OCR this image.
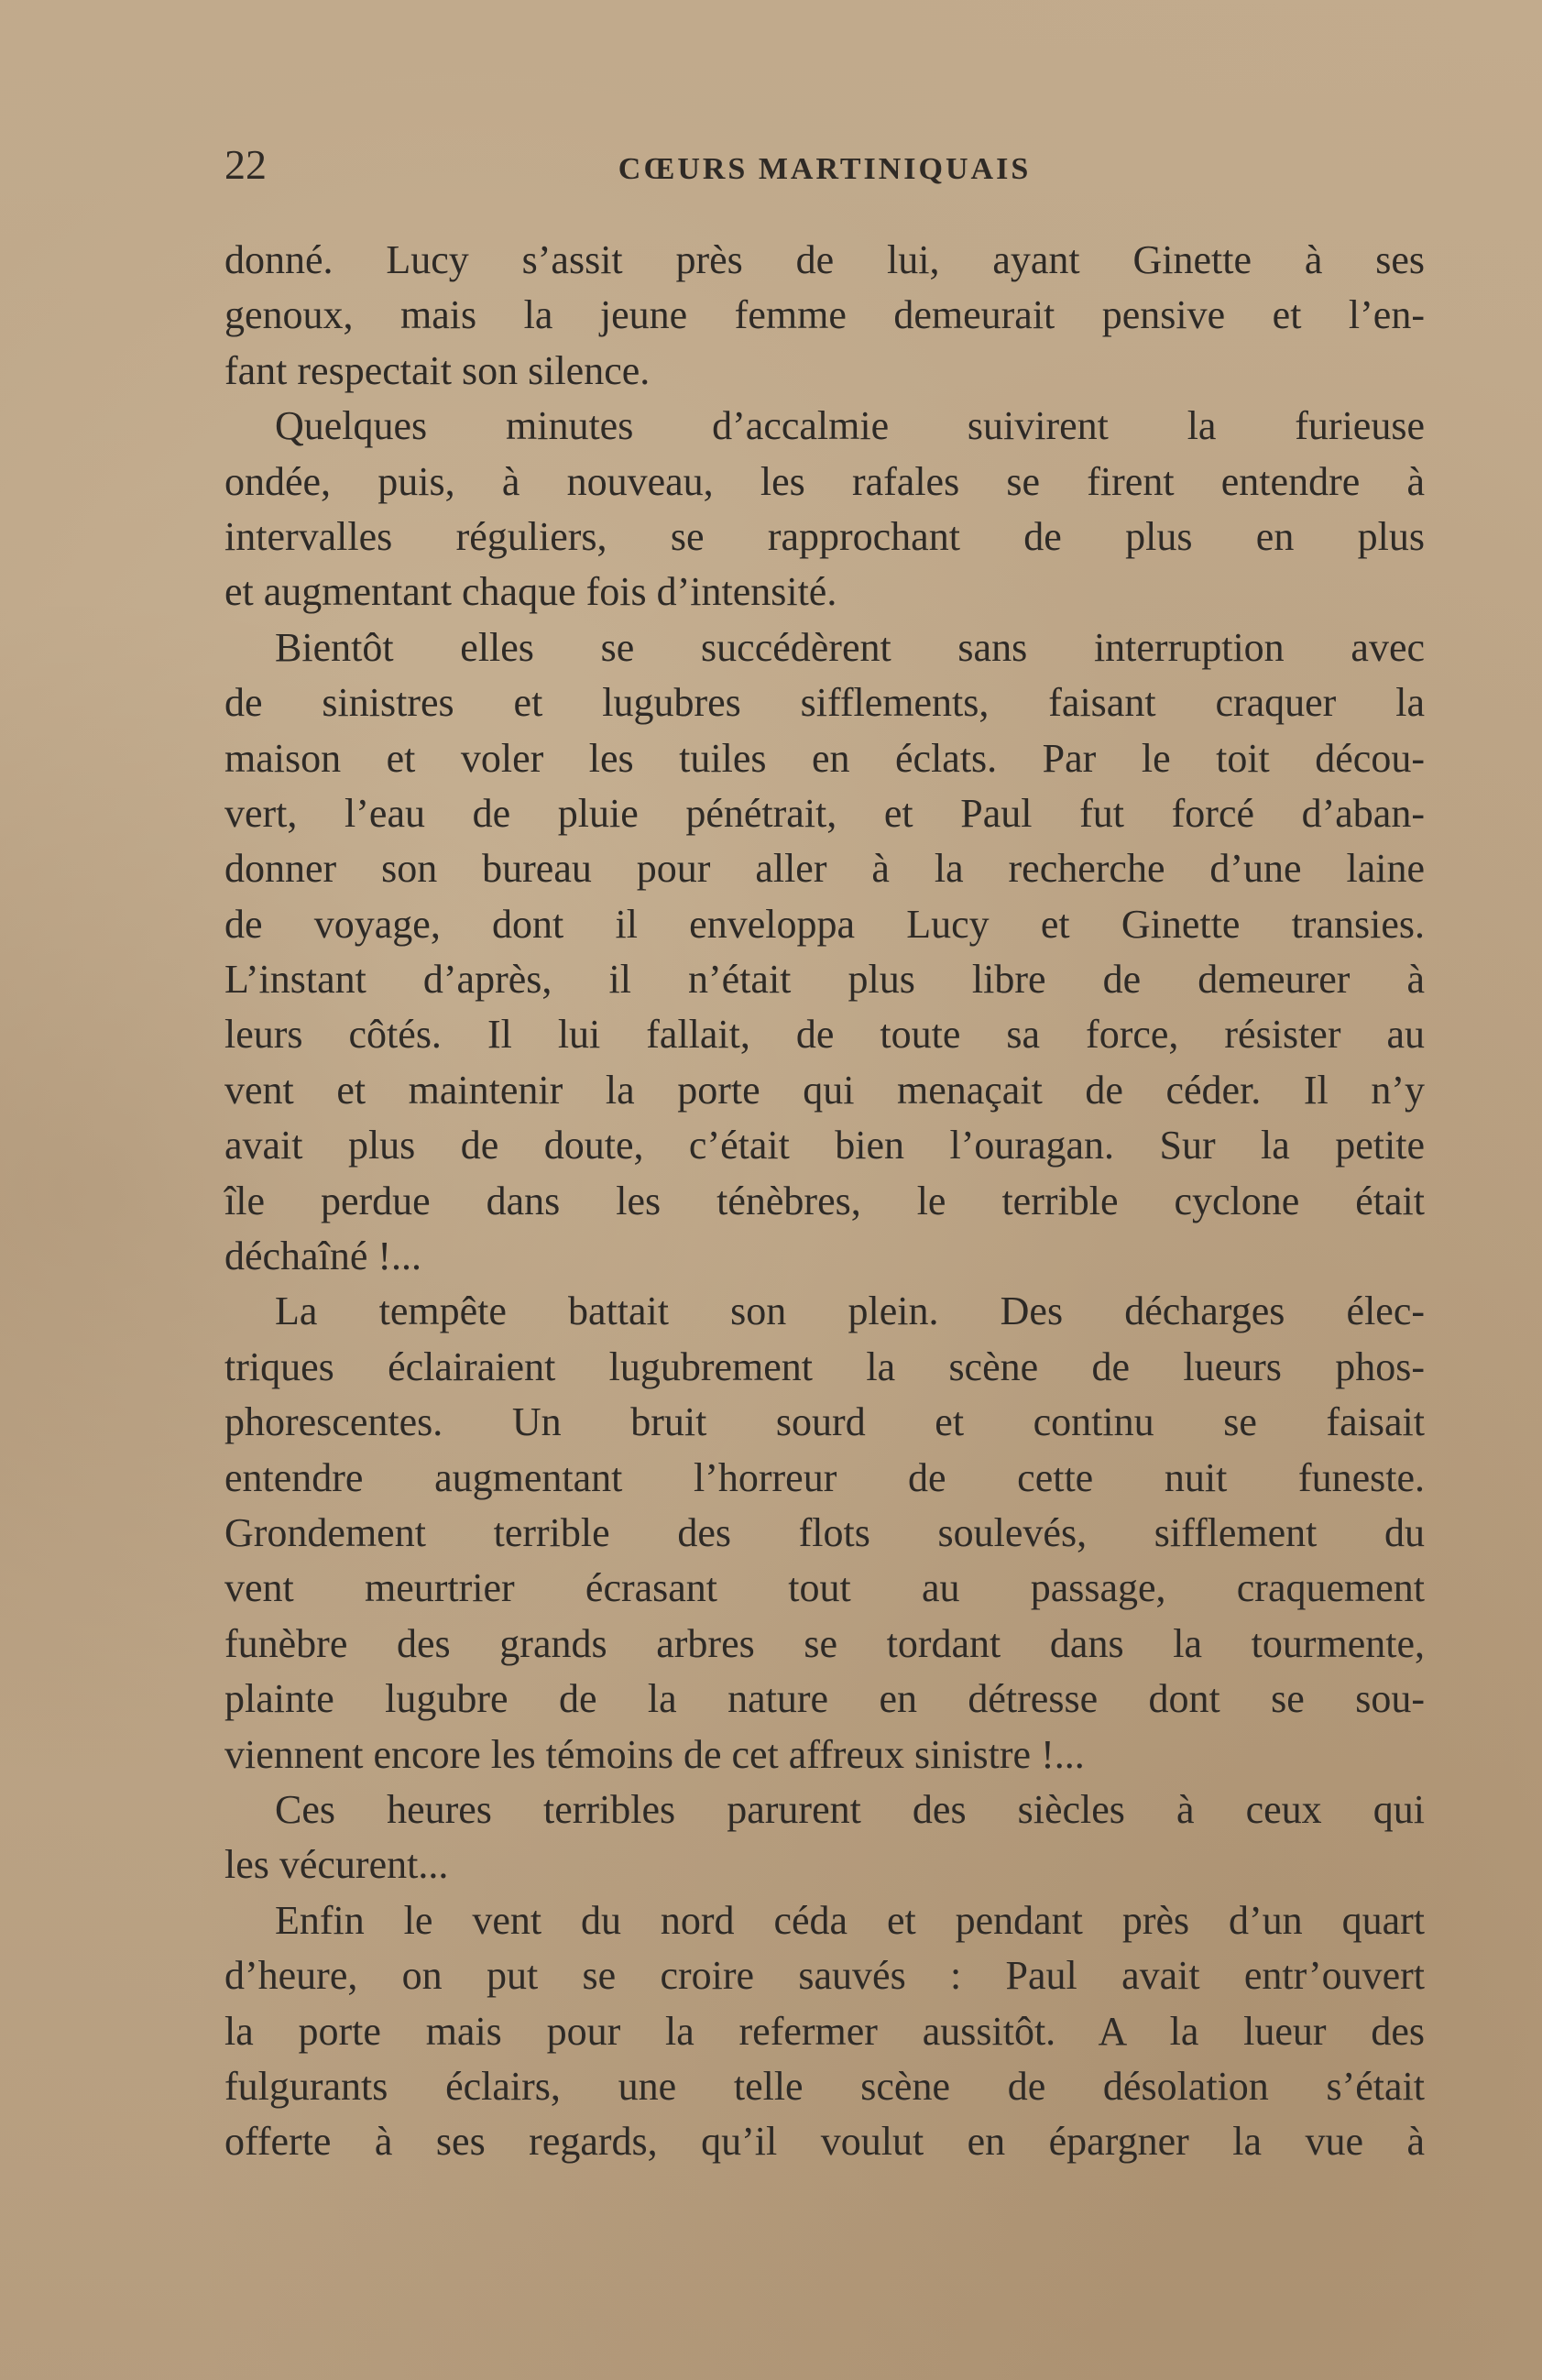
22	CŒURS MARTINIQUAIS
donné. Lucy s’assit près de lui, ayant Ginette à ses
genoux, mais la jeune femme demeurait pensive et l’en-
fant respectait son silence.
Quelques minutes d’accalmie suivirent la furieuse
ondée, puis, à nouveau, les rafales se firent entendre à
intervalles réguliers, se rapprochant de plus en plus
et augmentant chaque fois d’intensité.
Bientôt elles se succédèrent sans interruption avec
de sinistres et lugubres sifflements, faisant craquer la
maison et voler les tuiles en éclats. Par le toit décou-
vert, l’eau de pluie pénétrait, et Paul fut forcé d’aban-
donner son bureau pour aller à la recherche d’une laine
de voyage, dont il enveloppa Lucy et Ginette transies.
L’instant d’après, il n’était plus libre de demeurer à
leurs côtés. Il lui fallait, de toute sa force, résister au
vent et maintenir la porte qui menaçait de céder. Il n’y
avait plus de doute, c’était bien l’ouragan. Sur la petite
île perdue dans les ténèbres, le terrible cyclone était
déchaîné !...
La tempête battait son plein. Des décharges élec-
triques éclairaient lugubrement la scène de lueurs phos-
phorescentes. Un bruit sourd et continu se faisait
entendre augmentant l’horreur de cette nuit funeste.
Grondement terrible des flots soulevés, sifflement du
vent meurtrier écrasant tout au passage, craquement
funèbre des grands arbres se tordant dans la tourmente,
plainte lugubre de la nature en détresse dont se sou-
viennent encore les témoins de cet affreux sinistre !...
Ces heures terribles parurent des siècles à ceux qui
les vécurent...
Enfin le vent du nord céda et pendant près d’un quart
d’heure, on put se croire sauvés : Paul avait entr’ouvert
la porte mais pour la refermer aussitôt. A la lueur des
fulgurants éclairs, une telle scène de désolation s’était
offerte à ses regards, qu’il voulut en épargner la vue à
